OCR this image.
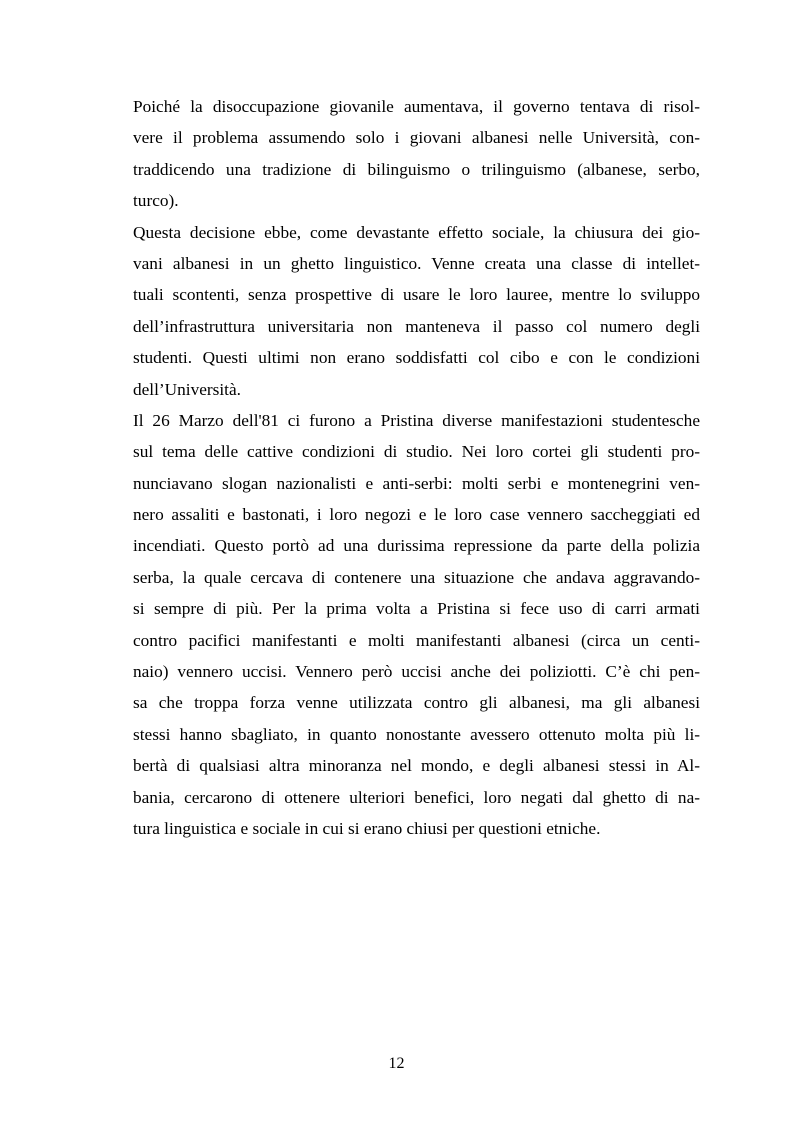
Poiché la disoccupazione giovanile aumentava, il governo tentava di risol-
vere il problema assumendo solo i giovani albanesi nelle Università, con-
traddicendo una tradizione di bilinguismo o trilinguismo (albanese, serbo,
turco).
Questa decisione ebbe, come devastante effetto sociale, la chiusura dei gio-
vani albanesi in un ghetto linguistico. Venne creata una classe di intellet-
tuali scontenti, senza prospettive di usare le loro lauree, mentre lo sviluppo
dell’infrastruttura universitaria non manteneva il passo col numero degli
studenti. Questi ultimi non erano soddisfatti col cibo e con le condizioni
dell’Università.
Il 26 Marzo dell'81 ci furono a Pristina diverse manifestazioni studentesche
sul tema delle cattive condizioni di studio. Nei loro cortei gli studenti pro-
nunciavano slogan nazionalisti e anti-serbi: molti serbi e montenegrini ven-
nero assaliti e bastonati, i loro negozi e le loro case vennero saccheggiati ed
incendiati. Questo portò ad una durissima repressione da parte della polizia
serba, la quale cercava di contenere una situazione che andava aggravando-
si sempre di più. Per la prima volta a Pristina si fece uso di carri armati
contro pacifici manifestanti e molti manifestanti albanesi (circa un centi-
naio) vennero uccisi. Vennero però uccisi anche dei poliziotti. C’è chi pen-
sa che troppa forza venne utilizzata contro gli albanesi, ma gli albanesi
stessi hanno sbagliato, in quanto nonostante avessero ottenuto molta più li-
bertà di qualsiasi altra minoranza nel mondo, e degli albanesi stessi in Al-
bania, cercarono di ottenere ulteriori benefici, loro negati dal ghetto di na-
tura linguistica e sociale in cui si erano chiusi per questioni etniche.
12
